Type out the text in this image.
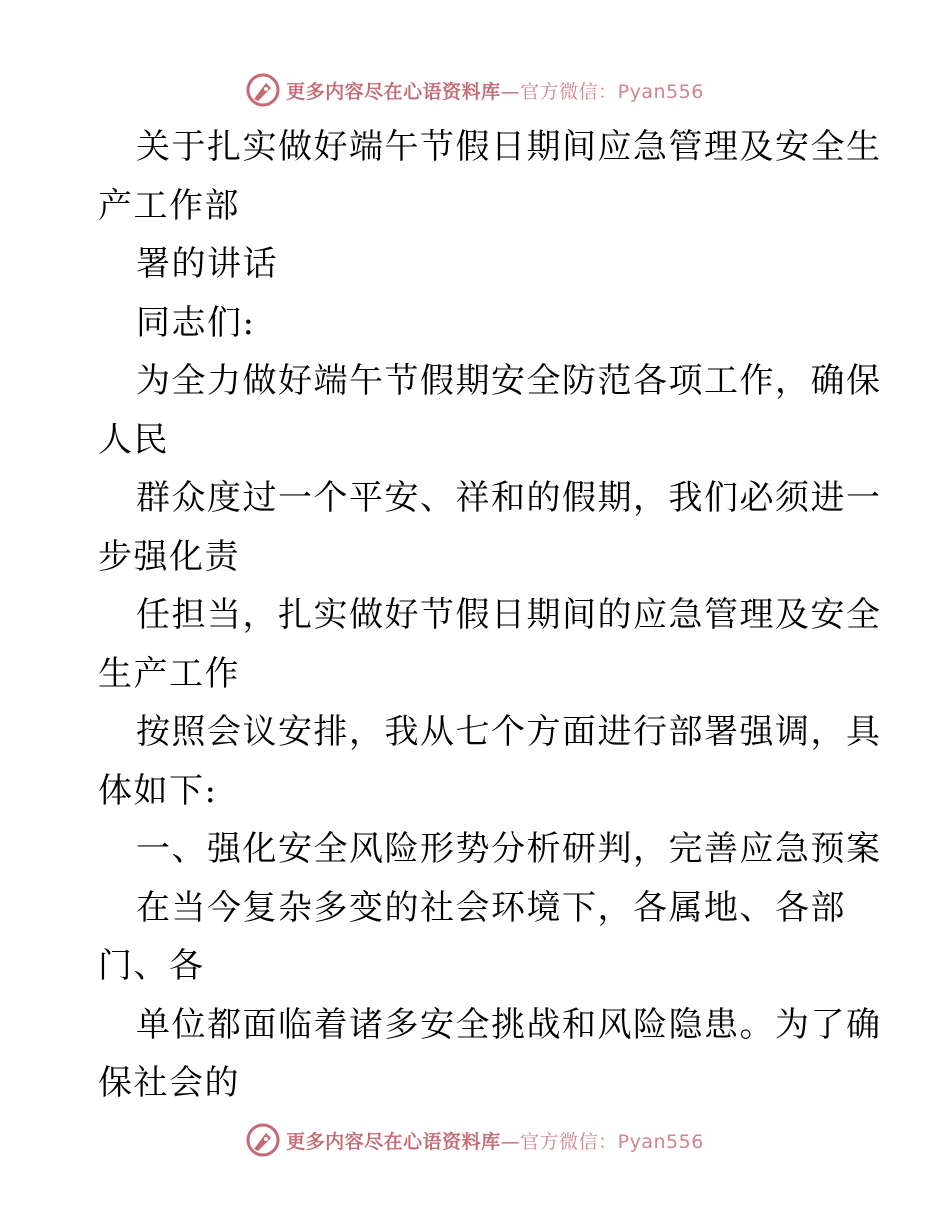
更多内容尽在心语资料库—官方微信：Pyan556
关于扎实做好端午节假日期间应急管理及安全生
产工作部
署的讲话
同志们:
为全力做好端午节假期安全防范各项工作，确保
人民
群众度过一个平安、祥和的假期，我们必须进一
步强化责
任担当，扎实做好节假日期间的应急管理及安全
生产工作
按照会议安排，我从七个方面进行部署强调，具
体如下:
一、强化安全风险形势分析研判，完善应急预案
在当今复杂多变的社会环境下，各属地、各部
门、各
单位都面临着诸多安全挑战和风险隐患。为了确
保社会的
更多内容尽在心语资料库—官方微信：Pyan556
